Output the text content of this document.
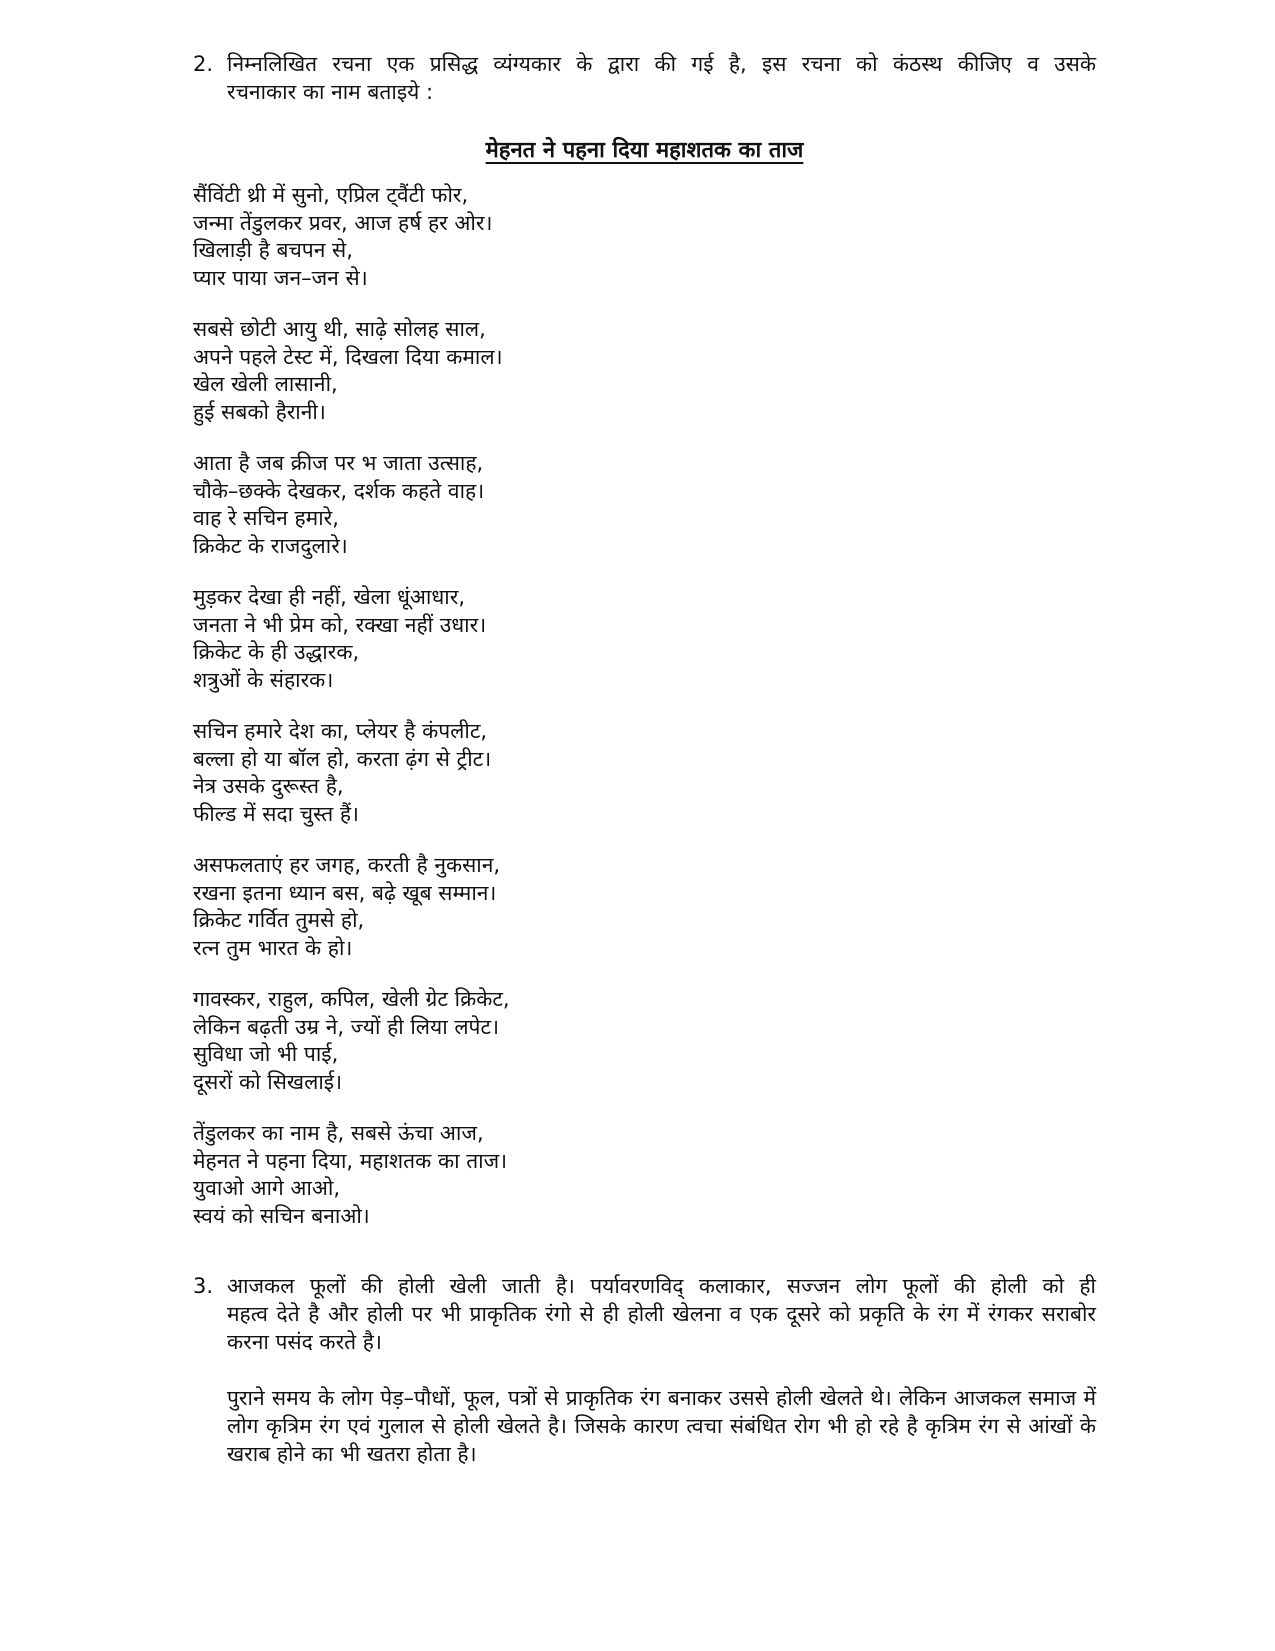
2. निम्नलिखित रचना एक प्रसिद्ध व्यंग्यकार के द्वारा की गई है, इस रचना को कंठस्थ कीजिए व उसके
रचनाकार का नाम बताइये :
मेहनत ने पहना दिया महाशतक का ताज
सैंविंटी थ्री में सुनो, एप्रिल ट्वैंटी फोर,
जन्मा तेंडुलकर प्रवर, आज हर्ष हर ओर।
खिलाड़ी है बचपन से,
प्यार पाया जन–जन से।
सबसे छोटी आयु थी, साढ़े सोलह साल,
अपने पहले टेस्ट में, दिखला दिया कमाल।
खेल खेली लासानी,
हुई सबको हैरानी।
आता है जब क्रीज पर भ जाता उत्साह,
चौके–छक्के देखकर, दर्शक कहते वाह।
वाह रे सचिन हमारे,
क्रिकेट के राजदुलारे।
मुड़कर देखा ही नहीं, खेला धूंआधार,
जनता ने भी प्रेम को, रक्खा नहीं उधार।
क्रिकेट के ही उद्धारक,
शत्रुओं के संहारक।
सचिन हमारे देश का, प्लेयर है कंपलीट,
बल्ला हो या बॉल हो, करता ढ़ंग से ट्रीट।
नेत्र उसके दुरूस्त है,
फील्ड में सदा चुस्त हैं।
असफलताएं हर जगह, करती है नुकसान,
रखना इतना ध्यान बस, बढ़े खूब सम्मान।
क्रिकेट गर्वित तुमसे हो,
रत्न तुम भारत के हो।
गावस्कर, राहुल, कपिल, खेली ग्रेट क्रिकेट,
लेकिन बढ़ती उम्र ने, ज्यों ही लिया लपेट।
सुविधा जो भी पाई,
दूसरों को सिखलाई।
तेंडुलकर का नाम है, सबसे ऊंचा आज,
मेहनत ने पहना दिया, महाशतक का ताज।
युवाओ आगे आओ,
स्वयं को सचिन बनाओ।
3. आजकल फूलों की होली खेली जाती है। पर्यावरणविद् कलाकार, सज्जन लोग फूलों की होली को ही
महत्व देते है और होली पर भी प्राकृतिक रंगो से ही होली खेलना व एक दूसरे को प्रकृति के रंग में रंगकर सराबोर करना पसंद करते है।
पुराने समय के लोग पेड़–पौधों, फूल, पत्रों से प्राकृतिक रंग बनाकर उससे होली खेलते थे। लेकिन आजकल समाज में लोग कृत्रिम रंग एवं गुलाल से होली खेलते है। जिसके कारण त्वचा संबंधित रोग भी हो रहे है कृत्रिम रंग से आंखों के खराब होने का भी खतरा होता है।
